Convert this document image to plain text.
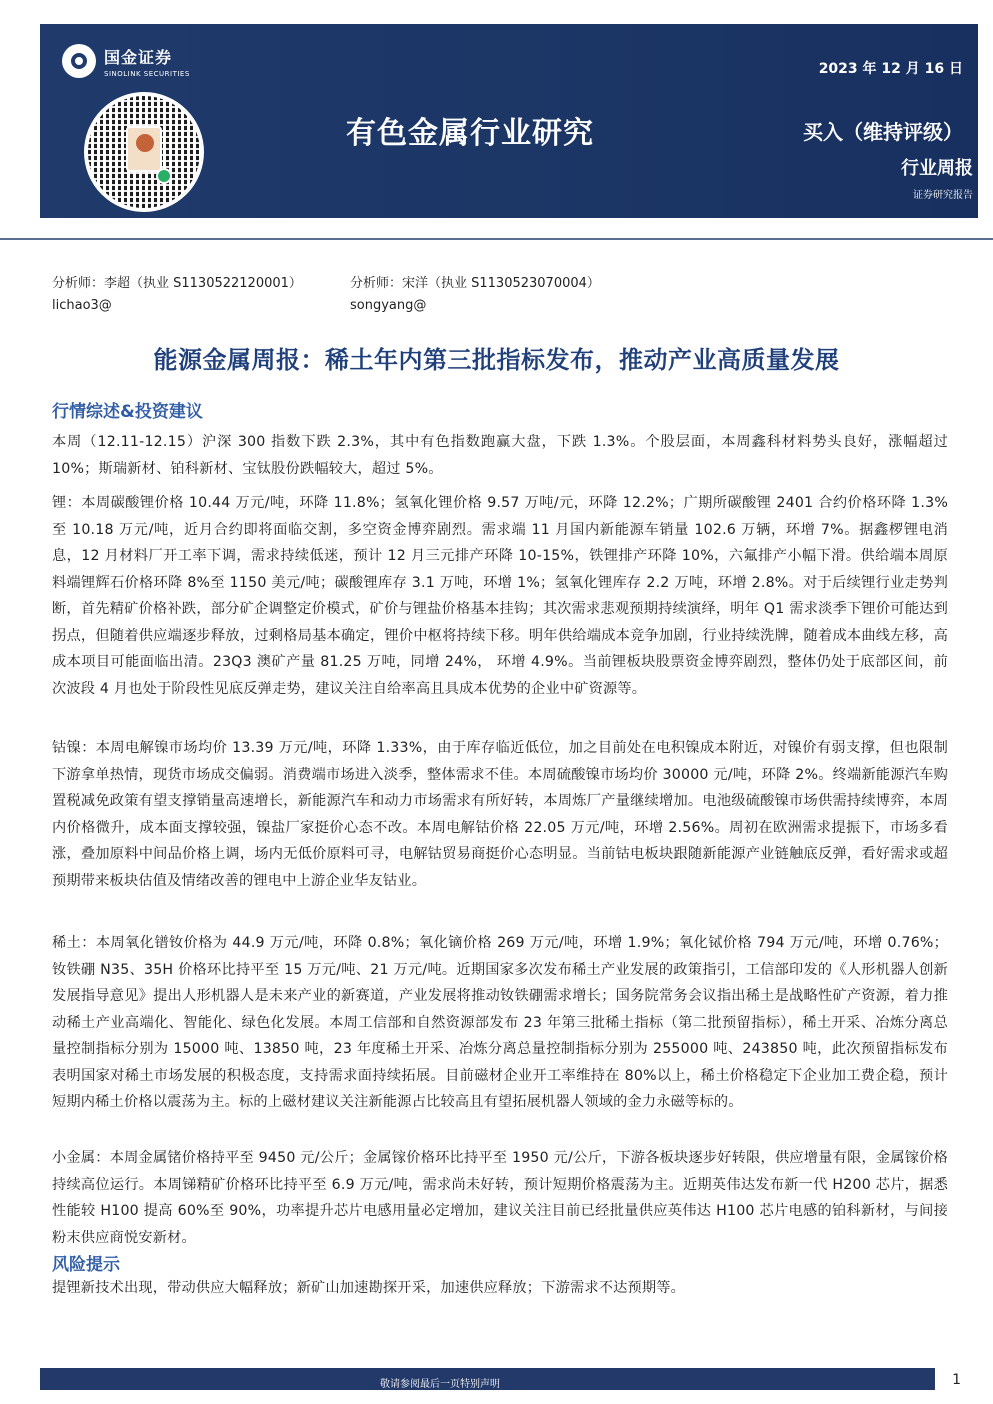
国金证券
SINOLINK SECURITIES	2023 年 12 月 16 日
有色金属行业研究	买入（维持评级）
行业周报
证券研究报告
分析师：李超（执业 S1130522120001）
lichao3@
分析师：宋洋（执业 S1130523070004）
songyang@
能源金属周报：稀土年内第三批指标发布，推动产业高质量发展
行情综述&投资建议
本周（12.11-12.15）沪深 300 指数下跌 2.3%，其中有色指数跑赢大盘，下跌 1.3%。个股层面，本周鑫科材料势头良好，涨幅超过 10%；斯瑞新材、铂科新材、宝钛股份跌幅较大，超过 5%。
锂：本周碳酸锂价格 10.44 万元/吨，环降 11.8%；氢氧化锂价格 9.57 万吨/元，环降 12.2%；广期所碳酸锂 2401 合约价格环降 1.3%至 10.18 万元/吨，近月合约即将面临交割，多空资金博弈剧烈。需求端 11 月国内新能源车销量 102.6 万辆，环增 7%。据鑫椤锂电消息，12 月材料厂开工率下调，需求持续低迷，预计 12 月三元排产环降 10-15%，铁锂排产环降 10%，六氟排产小幅下滑。供给端本周原料端锂辉石价格环降 8%至 1150 美元/吨；碳酸锂库存 3.1 万吨，环增 1%；氢氧化锂库存 2.2 万吨，环增 2.8%。对于后续锂行业走势判断，首先精矿价格补跌，部分矿企调整定价模式，矿价与锂盐价格基本挂钩；其次需求悲观预期持续演绎，明年 Q1 需求淡季下锂价可能达到拐点，但随着供应端逐步释放，过剩格局基本确定，锂价中枢将持续下移。明年供给端成本竞争加剧，行业持续洗牌，随着成本曲线左移，高成本项目可能面临出清。23Q3 澳矿产量 81.25 万吨，同增 24%， 环增 4.9%。当前锂板块股票资金博弈剧烈，整体仍处于底部区间，前次波段 4 月也处于阶段性见底反弹走势，建议关注自给率高且具成本优势的企业中矿资源等。
钴镍：本周电解镍市场均价 13.39 万元/吨，环降 1.33%，由于库存临近低位，加之目前处在电积镍成本附近，对镍价有弱支撑，但也限制下游拿单热情，现货市场成交偏弱。消费端市场进入淡季，整体需求不佳。本周硫酸镍市场均价 30000 元/吨，环降 2%。终端新能源汽车购置税减免政策有望支撑销量高速增长，新能源汽车和动力市场需求有所好转，本周炼厂产量继续增加。电池级硫酸镍市场供需持续博弈，本周内价格微升，成本面支撑较强，镍盐厂家挺价心态不改。本周电解钴价格 22.05 万元/吨，环增 2.56%。周初在欧洲需求提振下，市场多看涨，叠加原料中间品价格上调，场内无低价原料可寻，电解钴贸易商挺价心态明显。当前钴电板块跟随新能源产业链触底反弹，看好需求或超预期带来板块估值及情绪改善的锂电中上游企业华友钴业。
稀土：本周氧化镨钕价格为 44.9 万元/吨，环降 0.8%；氧化镝价格 269 万元/吨，环增 1.9%；氧化铽价格 794 万元/吨，环增 0.76%；钕铁硼 N35、35H 价格环比持平至 15 万元/吨、21 万元/吨。近期国家多次发布稀土产业发展的政策指引，工信部印发的《人形机器人创新发展指导意见》提出人形机器人是未来产业的新赛道，产业发展将推动钕铁硼需求增长；国务院常务会议指出稀土是战略性矿产资源，着力推动稀土产业高端化、智能化、绿色化发展。本周工信部和自然资源部发布 23 年第三批稀土指标（第二批预留指标），稀土开采、冶炼分离总量控制指标分别为 15000 吨、13850 吨，23 年度稀土开采、冶炼分离总量控制指标分别为 255000 吨、243850 吨，此次预留指标发布表明国家对稀土市场发展的积极态度，支持需求面持续拓展。目前磁材企业开工率维持在 80%以上，稀土价格稳定下企业加工费企稳，预计短期内稀土价格以震荡为主。标的上磁材建议关注新能源占比较高且有望拓展机器人领域的金力永磁等标的。
小金属：本周金属锗价格持平至 9450 元/公斤；金属镓价格环比持平至 1950 元/公斤，下游各板块逐步好转限，供应增量有限，金属镓价格持续高位运行。本周锑精矿价格环比持平至 6.9 万元/吨，需求尚未好转，预计短期价格震荡为主。近期英伟达发布新一代 H200 芯片，据悉性能较 H100 提高 60%至 90%，功率提升芯片电感用量必定增加，建议关注目前已经批量供应英伟达 H100 芯片电感的铂科新材，与间接粉末供应商悦安新材。
风险提示
提锂新技术出现，带动供应大幅释放；新矿山加速勘探开采，加速供应释放；下游需求不达预期等。
敬请参阅最后一页特别声明	1
